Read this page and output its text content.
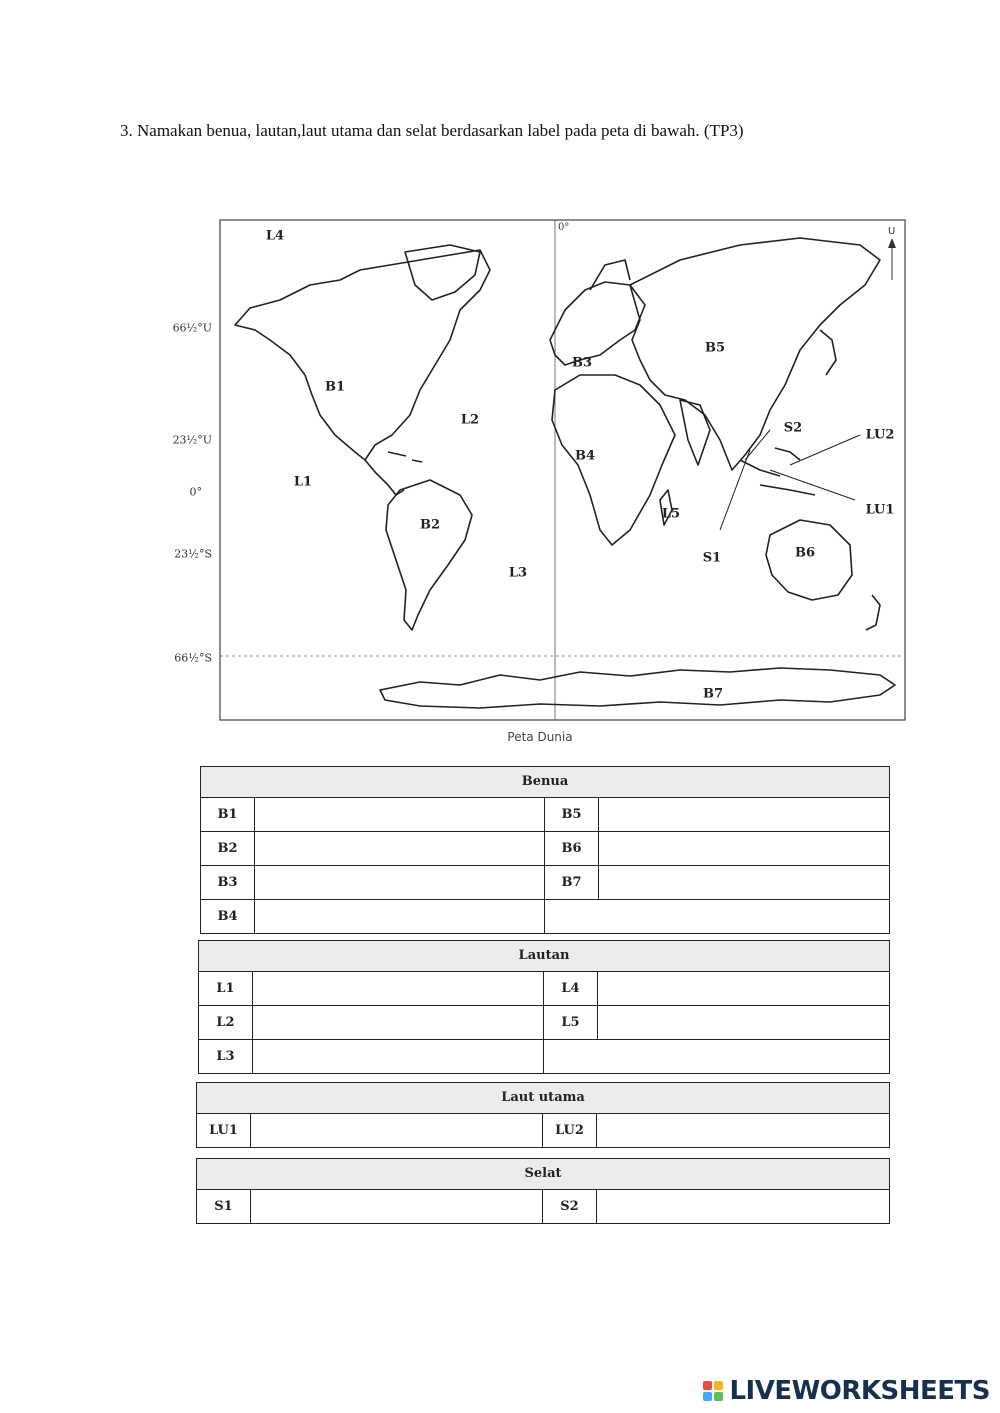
3. Namakan benua, lautan,laut utama dan selat berdasarkan label pada peta di bawah. (TP3)
0°	U
66½°U
23½°U
0°
23½°S
66½°S
L4
B1
L2
L1
B2
L3
B3
B4
B5
L5
S1
S2	LU2
LU1
B6
B7
Peta Dunia
Benua
B1	B5
B2	B6
B3	B7
B4
Lautan
L1	L4
L2	L5
L3
Laut utama
LU1	LU2
Selat
S1	S2
LIVEWORKSHEETS
